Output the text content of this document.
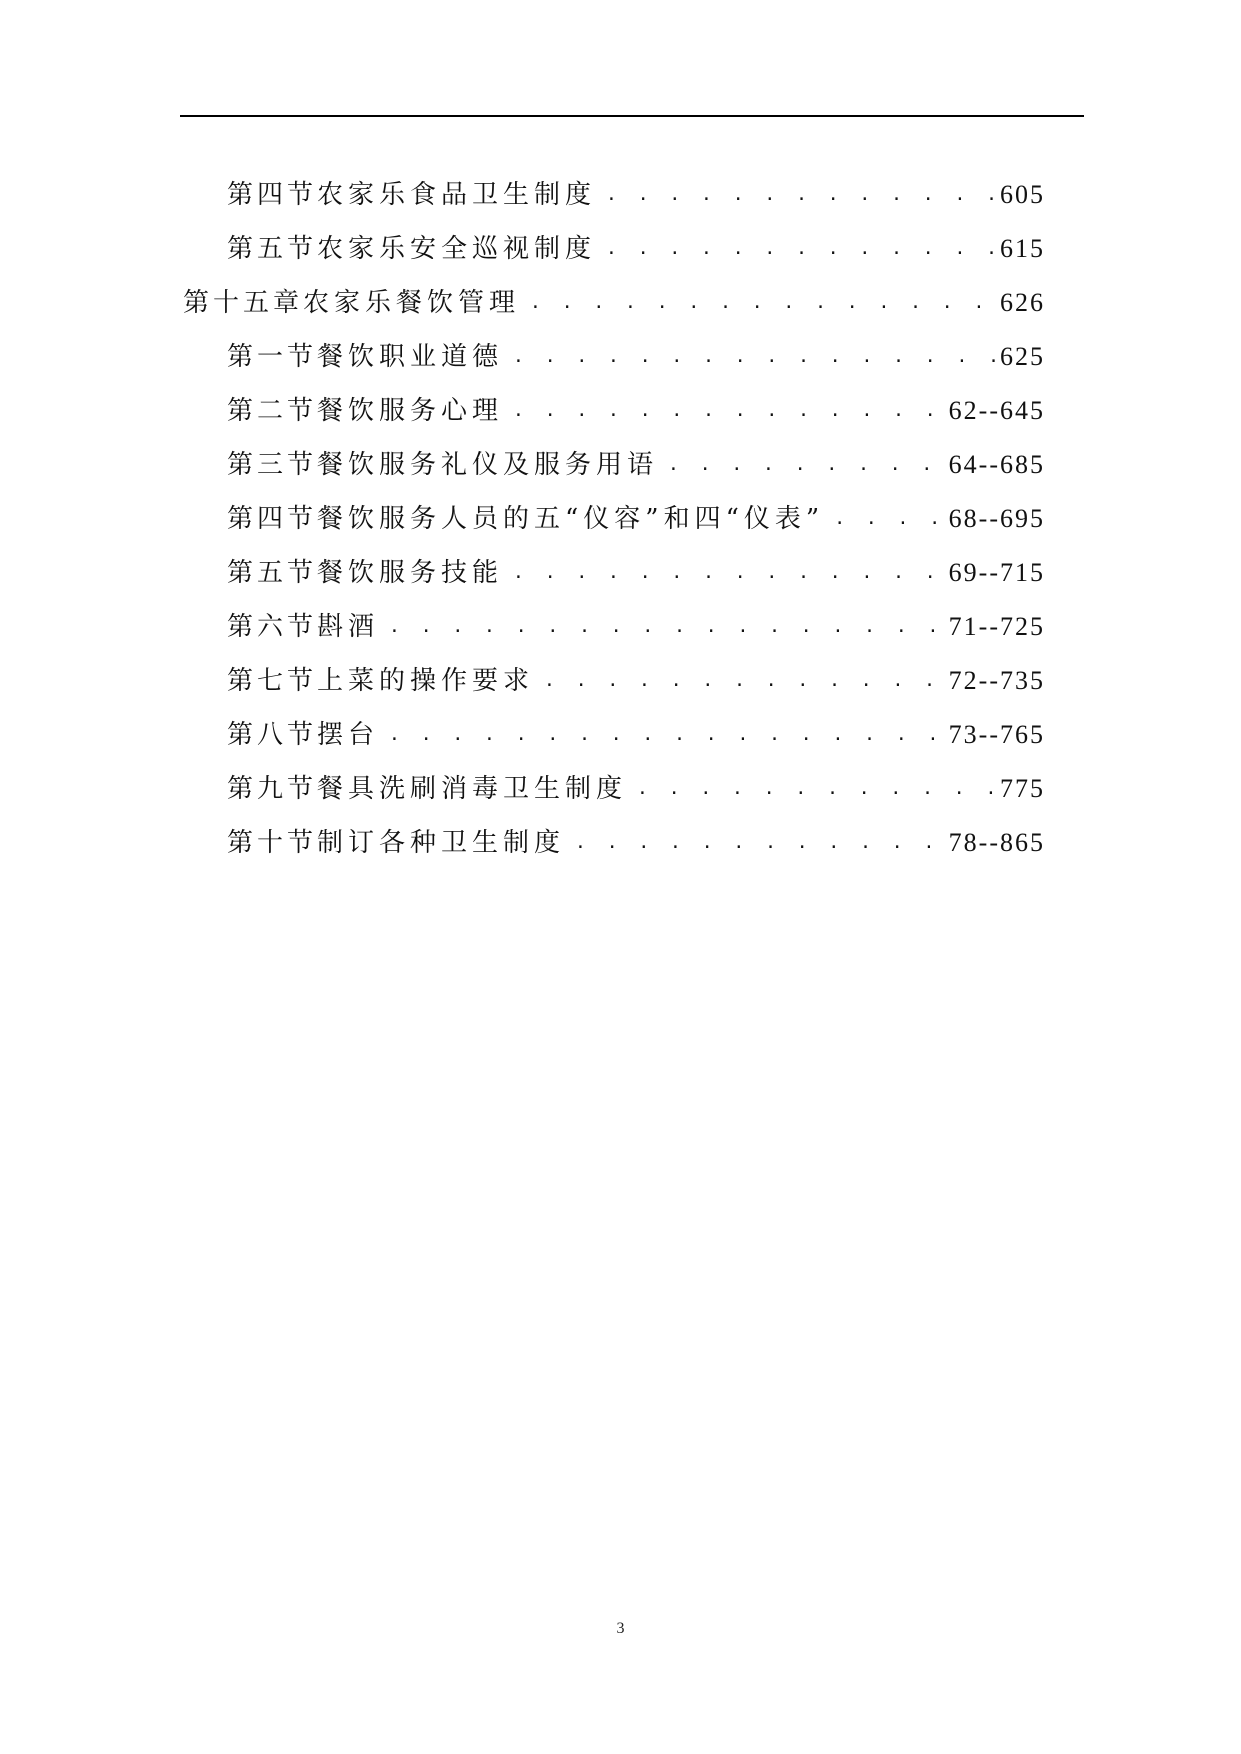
第四节 农家乐食品卫生制度 . . .	605
第五节 农家乐安全巡视制度 . . .	615
第十五章 农家乐餐饮管理 . . .	626
第一节 餐饮职业道德 . . .	625
第二节 餐饮服务心理 . . .	62--645
第三节 餐饮服务礼仪及服务用语 . . .	64--685
第四节 餐饮服务人员的五“仪容”和四“仪表” . . .	68--695
第五节 餐饮服务技能 . . .	69--715
第六节 斟酒 . . .	71--725
第七节 上菜的操作要求 . . .	72--735
第八节 摆台 . . .	73--765
第九节 餐具洗刷消毒卫生制度 . . .	775
第十节 制订各种卫生制度 . . .	78--865
3
